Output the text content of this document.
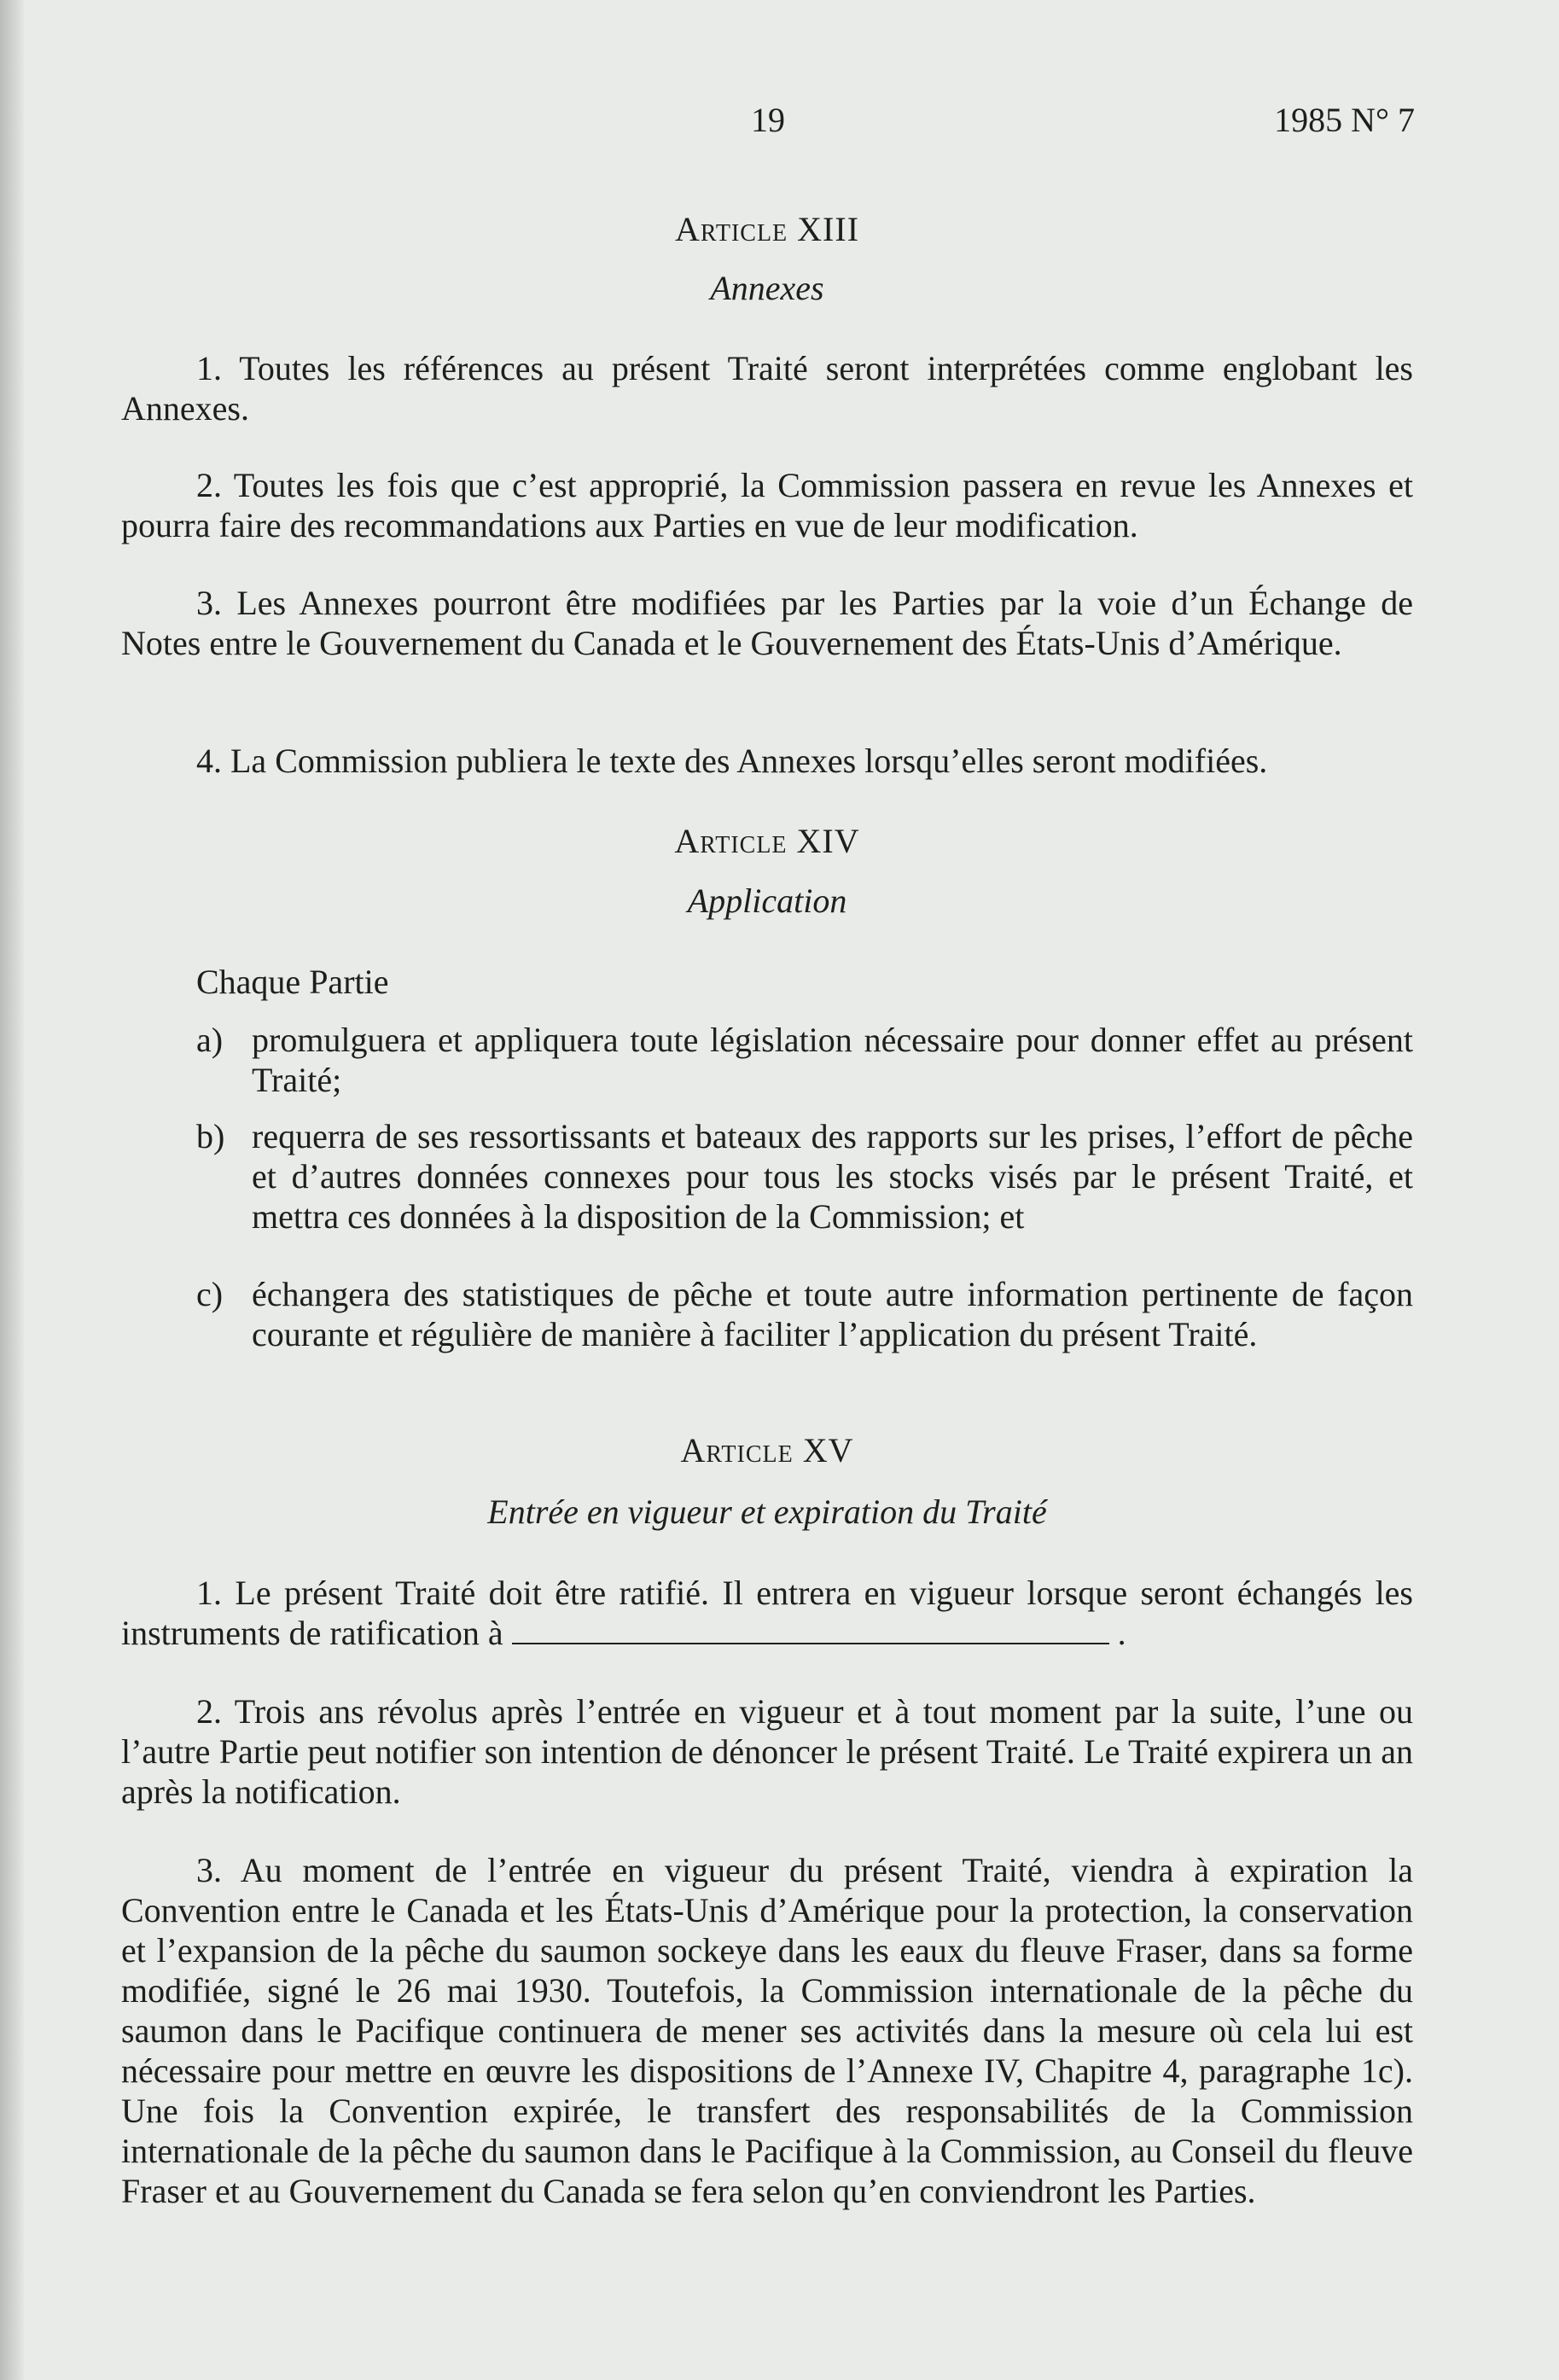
19	1985 N° 7
Article XIII
Annexes
1. Toutes les références au présent Traité seront interprétées comme englobant les Annexes.
2. Toutes les fois que c’est approprié, la Commission passera en revue les Annexes et pourra faire des recommandations aux Parties en vue de leur modification.
3. Les Annexes pourront être modifiées par les Parties par la voie d’un Échange de Notes entre le Gouvernement du Canada et le Gouvernement des États-Unis d’Amérique.
4. La Commission publiera le texte des Annexes lorsqu’elles seront modifiées.
Article XIV
Application
Chaque Partie
a) promulguera et appliquera toute législation nécessaire pour donner effet au présent Traité;
b) requerra de ses ressortissants et bateaux des rapports sur les prises, l’effort de pêche et d’autres données connexes pour tous les stocks visés par le présent Traité, et mettra ces données à la disposition de la Commission; et
c) échangera des statistiques de pêche et toute autre information pertinente de façon courante et régulière de manière à faciliter l’application du présent Traité.
Article XV
Entrée en vigueur et expiration du Traité
1. Le présent Traité doit être ratifié. Il entrera en vigueur lorsque seront échangés les instruments de ratification à	.
2. Trois ans révolus après l’entrée en vigueur et à tout moment par la suite, l’une ou l’autre Partie peut notifier son intention de dénoncer le présent Traité. Le Traité expirera un an après la notification.
3. Au moment de l’entrée en vigueur du présent Traité, viendra à expiration la Convention entre le Canada et les États-Unis d’Amérique pour la protection, la conservation et l’expansion de la pêche du saumon sockeye dans les eaux du fleuve Fraser, dans sa forme modifiée, signé le 26 mai 1930. Toutefois, la Commission internationale de la pêche du saumon dans le Pacifique continuera de mener ses activités dans la mesure où cela lui est nécessaire pour mettre en œuvre les dispositions de l’Annexe IV, Chapitre 4, paragraphe 1c). Une fois la Convention expirée, le transfert des responsabilités de la Commission internationale de la pêche du saumon dans le Pacifique à la Commission, au Conseil du fleuve Fraser et au Gouvernement du Canada se fera selon qu’en conviendront les Parties.
